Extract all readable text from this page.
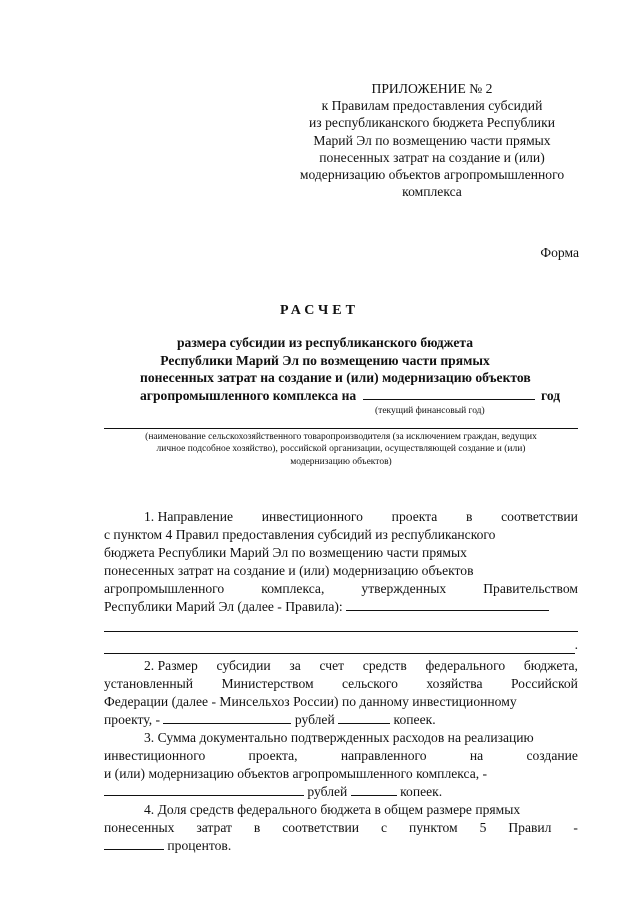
ПРИЛОЖЕНИЕ № 2
к Правилам предоставления субсидий
из республиканского бюджета Республики
Марий Эл по возмещению части прямых
понесенных затрат на создание и (или)
модернизацию объектов агропромышленного
комплекса
Форма
РАСЧЕТ
размера субсидии из республиканского бюджета
Республики Марий Эл по возмещению части прямых
понесенных затрат на создание и (или) модернизацию объектов
агропромышленного комплекса на	год
(текущий финансовый год)
(наименование сельскохозяйственного товаропроизводителя (за исключением граждан, ведущих
личное подсобное хозяйство), российской организации, осуществляющей создание и (или)
модернизацию объектов)
1. Направление инвестиционного проекта в соответствии
с пунктом 4 Правил предоставления субсидий из республиканского
бюджета Республики Марий Эл по возмещению части прямых
понесенных затрат на создание и (или) модернизацию объектов
агропромышленного	комплекса,	утвержденных	Правительством
Республики Марий Эл (далее - Правила):
.
2. Размер субсидии за счет средств федерального бюджета,
установленный Министерством сельского хозяйства Российской
Федерации (далее - Минсельхоз России) по данному инвестиционному
проекту, -	рублей	копеек.
3. Сумма документально подтвержденных расходов на реализацию
инвестиционного	проекта,	направленного	на	создание
и (или) модернизацию объектов агропромышленного комплекса, -
рублей	копеек.
4. Доля средств федерального бюджета в общем размере прямых
понесенных затрат в соответствии с пунктом 5 Правил -
процентов.
